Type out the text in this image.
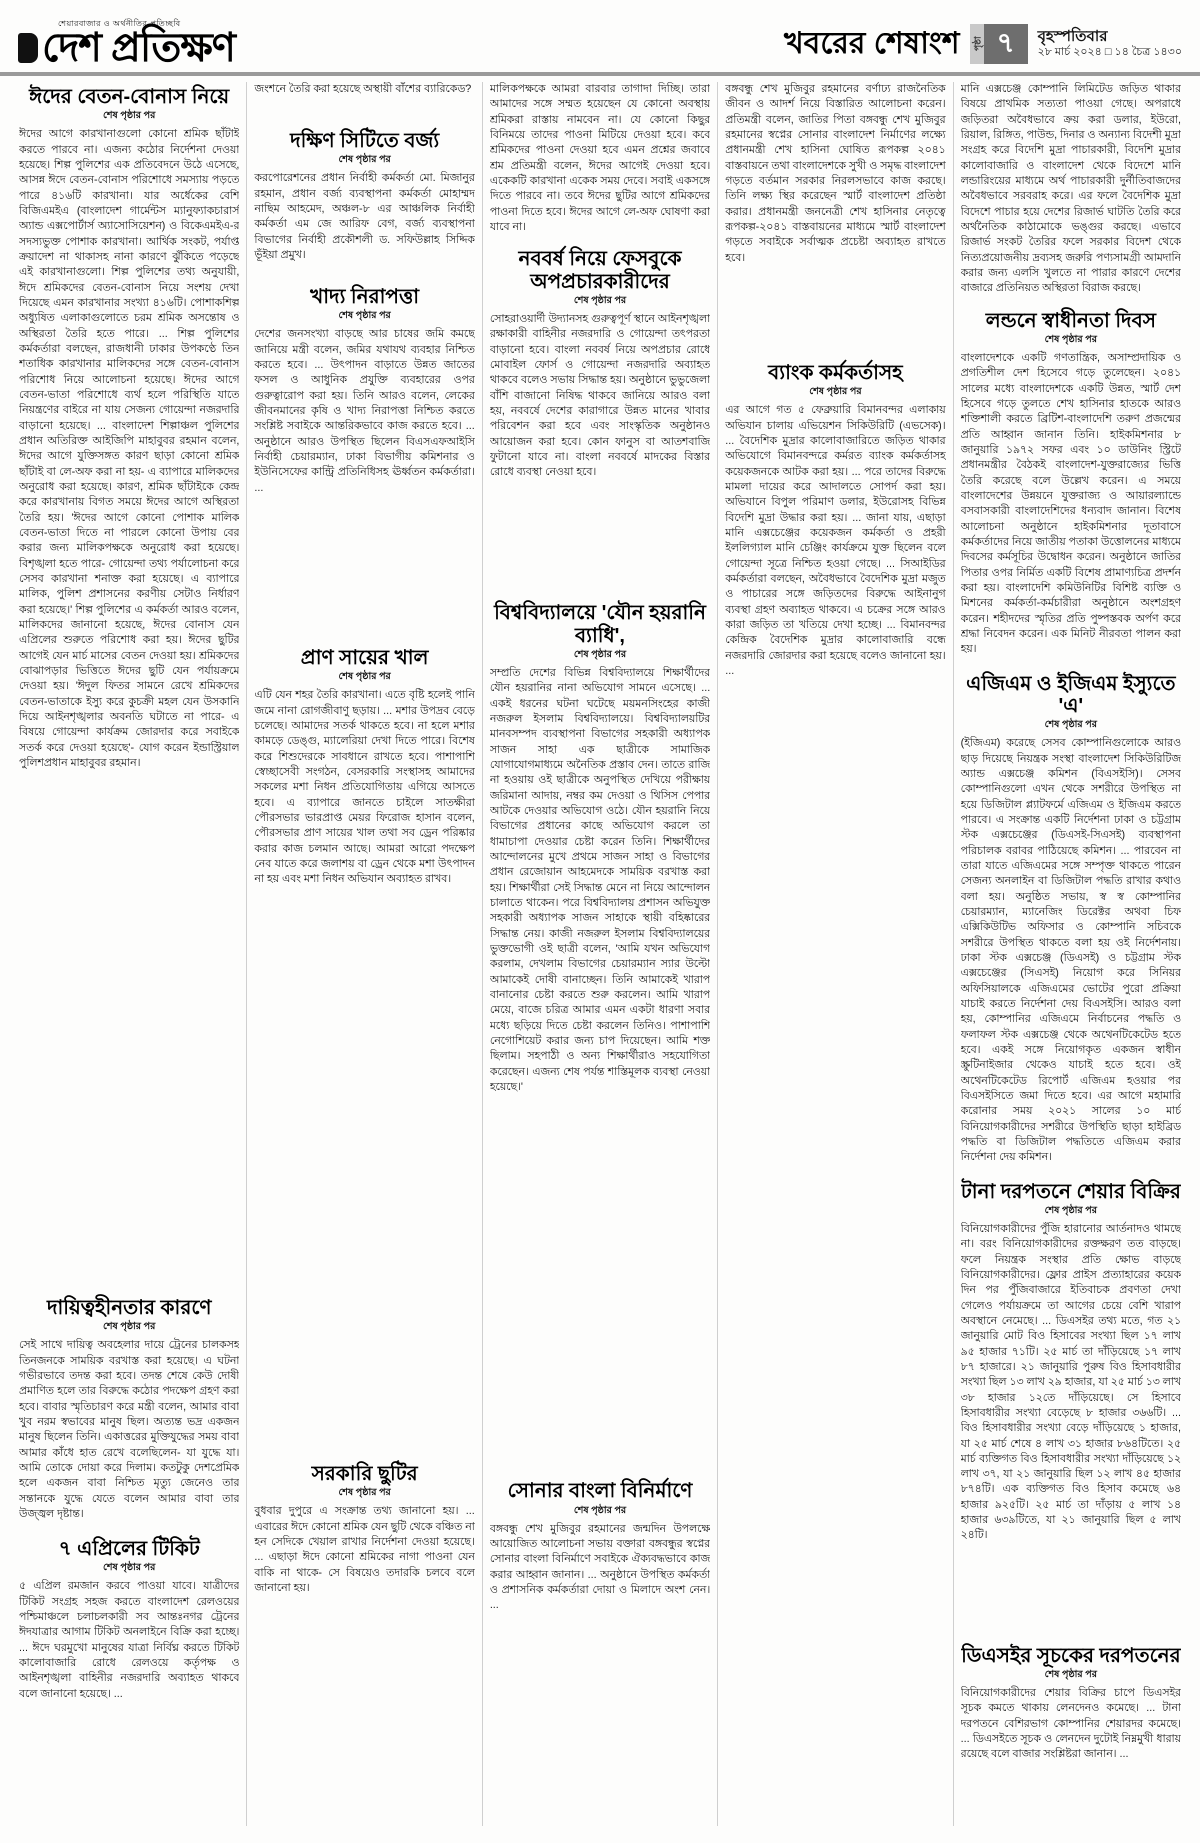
শেয়ারবাজার ও অর্থনীতির প্রতিচ্ছবি
দেশ প্রতিক্ষণ	খবরের শেষাংশ পৃষ্ঠা ৭	বৃহস্পতিবার
২৮ মার্চ ২০২৪ □ ১৪ চৈত্র ১৪৩০
ঈদের বেতন-বোনাস নিয়ে
শেষ পৃষ্ঠার পর

ঈদের আগে কারখানাগুলো কোনো শ্রমিক ছাঁটাই করতে পারবে না। এজন্য কঠোর নির্দেশনা দেওয়া হয়েছে। শিল্প পুলিশের এক প্রতিবেদনে উঠে এসেছে, আসন্ন ঈদে বেতন-বোনাস পরিশোধে সমস্যায় পড়তে পারে ৪১৬টি কারখানা। যার অর্ধেকের বেশি বিজিএমইএ (বাংলাদেশ গার্মেন্টস ম্যানুফ্যাকচারার্স অ্যান্ড এক্সপোর্টার্স অ্যাসোসিয়েশন) ও বিকেএমইএ-র সদস্যভুক্ত পোশাক কারখানা। আর্থিক সংকট, পর্যাপ্ত ক্রয়াদেশ না থাকাসহ নানা কারণে ঝুঁকিতে পড়েছে এই কারখানাগুলো। শিল্প পুলিশের তথ্য অনুযায়ী, ঈদে শ্রমিকদের বেতন-বোনাস নিয়ে সংশয় দেখা দিয়েছে এমন কারখানার সংখ্যা ৪১৬টি। পোশাকশিল্প অধ্যুষিত এলাকাগুলোতে চরম শ্রমিক অসন্তোষ ও অস্থিরতা তৈরি হতে পারে। ... শিল্প পুলিশের কর্মকর্তারা বলছেন, রাজধানী ঢাকার উপকণ্ঠে তিন শতাধিক কারখানার মালিকদের সঙ্গে বেতন-বোনাস পরিশোধ নিয়ে আলোচনা হয়েছে। ঈদের আগে বেতন-ভাতা পরিশোধে ব্যর্থ হলে পরিস্থিতি যাতে নিয়ন্ত্রণের বাইরে না যায় সেজন্য গোয়েন্দা নজরদারি বাড়ানো হয়েছে। ... বাংলাদেশ শিল্পাঞ্চল পুলিশের প্রধান অতিরিক্ত আইজিপি মাহাবুবর রহমান বলেন, ঈদের আগে যুক্তিসঙ্গত কারণ ছাড়া কোনো শ্রমিক ছাঁটাই বা লে-অফ করা না হয়- এ ব্যাপারে মালিকদের অনুরোধ করা হয়েছে। কারণ, শ্রমিক ছাঁটাইকে কেন্দ্র করে কারখানায় বিগত সময়ে ঈদের আগে অস্থিরতা তৈরি হয়। 'ঈদের আগে কোনো পোশাক মালিক বেতন-ভাতা দিতে না পারলে কোনো উপায় বের করার জন্য মালিকপক্ষকে অনুরোধ করা হয়েছে। বিশৃঙ্খলা হতে পারে- গোয়েন্দা তথ্য পর্যালোচনা করে সেসব কারখানা শনাক্ত করা হয়েছে। এ ব্যাপারে মালিক, পুলিশ প্রশাসনের করণীয় সেটাও নির্ধারণ করা হয়েছে।' শিল্প পুলিশের এ কর্মকর্তা আরও বলেন, মালিকদের জানানো হয়েছে, ঈদের বোনাস যেন এপ্রিলের শুরুতে পরিশোধ করা হয়। ঈদের ছুটির আগেই যেন মার্চ মাসের বেতন দেওয়া হয়। শ্রমিকদের বোঝাপড়ার ভিত্তিতে ঈদের ছুটি যেন পর্যায়ক্রমে দেওয়া হয়। 'ঈদুল ফিতর সামনে রেখে শ্রমিকদের বেতন-ভাতাকে ইস্যু করে কুচক্রী মহল যেন উসকানি দিয়ে আইনশৃঙ্খলার অবনতি ঘটাতে না পারে- এ বিষয়ে গোয়েন্দা কার্যক্রম জোরদার করে সবাইকে সতর্ক করে দেওয়া হয়েছে'- যোগ করেন ইন্ডাস্ট্রিয়াল পুলিশপ্রধান মাহাবুবর রহমান।

দায়িত্বহীনতার কারণে
শেষ পৃষ্ঠার পর

সেই সাথে দায়িত্ব অবহেলার দায়ে ট্রেনের চালকসহ তিনজনকে সাময়িক বরখাস্ত করা হয়েছে। এ ঘটনা গভীরভাবে তদন্ত করা হবে। তদন্ত শেষে কেউ দোষী প্রমাণিত হলে তার বিরুদ্ধে কঠোর পদক্ষেপ গ্রহণ করা হবে। বাবার স্মৃতিচারণ করে মন্ত্রী বলেন, আমার বাবা খুব নরম স্বভাবের মানুষ ছিল। অত্যন্ত ভদ্র একজন মানুষ ছিলেন তিনি। একাত্তরের মুক্তিযুদ্ধের সময় বাবা আমার কাঁধে হাত রেখে বলেছিলেন- যা যুদ্ধে যা। আমি তোকে দোয়া করে দিলাম। কতটুকু দেশপ্রেমিক হলে একজন বাবা নিশ্চিত মৃত্যু জেনেও তার সন্তানকে যুদ্ধে যেতে বলেন আমার বাবা তার উজ্জ্বল দৃষ্টান্ত।

৭ এপ্রিলের টিকিট
শেষ পৃষ্ঠার পর

৫ এপ্রিল রমজান করবে পাওয়া যাবে। যাত্রীদের টিকিট সংগ্রহ সহজ করতে বাংলাদেশ রেলওয়ের পশ্চিমাঞ্চলে চলাচলকারী সব আন্তঃনগর ট্রেনের ঈদযাত্রার আগাম টিকিট অনলাইনে বিক্রি করা হচ্ছে। ... ঈদে ঘরমুখো মানুষের যাত্রা নির্বিঘ্ন করতে টিকিট কালোবাজারি রোধে রেলওয়ে কর্তৃপক্ষ ও আইনশৃঙ্খলা বাহিনীর নজরদারি অব্যাহত থাকবে বলে জানানো হয়েছে। ...

জংশনে তৈরি করা হয়েছে অস্থায়ী বাঁশের ব্যারিকেড?

দক্ষিণ সিটিতে বর্জ্য
শেষ পৃষ্ঠার পর

করপোরেশনের প্রধান নির্বাহী কর্মকর্তা মো. মিজানুর রহমান, প্রধান বর্জ্য ব্যবস্থাপনা কর্মকর্তা মোহাম্মদ নাছিম আহমেদ, অঞ্চল-৮ এর আঞ্চলিক নির্বাহী কর্মকর্তা এম জে আরিফ বেগ, বর্জ্য ব্যবস্থাপনা বিভাগের নির্বাহী প্রকৌশলী ড. সফিউল্লাহ সিদ্দিক ভূঁইয়া প্রমুখ।

খাদ্য নিরাপত্তা
শেষ পৃষ্ঠার পর

দেশের জনসংখ্যা বাড়ছে আর চাষের জমি কমছে জানিয়ে মন্ত্রী বলেন, জমির যথাযথ ব্যবহার নিশ্চিত করতে হবে। ... উৎপাদন বাড়াতে উন্নত জাতের ফসল ও আধুনিক প্রযুক্তি ব্যবহারের ওপর গুরুত্বারোপ করা হয়। তিনি আরও বলেন, লেকের জীবনমানের কৃষি ও খাদ্য নিরাপত্তা নিশ্চিত করতে সংশ্লিষ্ট সবাইকে আন্তরিকভাবে কাজ করতে হবে। ... অনুষ্ঠানে আরও উপস্থিত ছিলেন বিএসএফআইসি নির্বাহী চেয়ারম্যান, ঢাকা বিভাগীয় কমিশনার ও ইউনিসেফের কান্ট্রি প্রতিনিধিসহ ঊর্ধ্বতন কর্মকর্তারা। ...

প্রাণ সায়ের খাল
শেষ পৃষ্ঠার পর

এটি যেন শহর তৈরি কারখানা। এতে বৃষ্টি হলেই পানি জমে নানা রোগজীবাণু ছড়ায়। ... মশার উপদ্রব বেড়ে চলেছে। আমাদের সতর্ক থাকতে হবে। না হলে মশার কামড়ে ডেঙ্গু, ম্যালেরিয়া দেখা দিতে পারে। বিশেষ করে শিশুদেরকে সাবধানে রাখতে হবে। পাশাপাশি স্বেচ্ছাসেবী সংগঠন, বেসরকারি সংস্থাসহ আমাদের সকলের মশা নিধন প্রতিযোগিতায় এগিয়ে আসতে হবে। এ ব্যাপারে জানতে চাইলে সাতক্ষীরা পৌরসভার ভারপ্রাপ্ত মেয়র ফিরোজ হাসান বলেন, পৌরসভার প্রাণ সায়ের খাল তথা সব ড্রেন পরিষ্কার করার কাজ চলমান আছে। আমরা আরো পদক্ষেপ নেব যাতে করে জলাশয় বা ড্রেন থেকে মশা উৎপাদন না হয় এবং মশা নিধন অভিযান অব্যাহত রাখব।

সরকারি ছুটির
শেষ পৃষ্ঠার পর

বুধবার দুপুরে এ সংক্রান্ত তথ্য জানানো হয়। ... এবারের ঈদে কোনো শ্রমিক যেন ছুটি থেকে বঞ্চিত না হন সেদিকে খেয়াল রাখার নির্দেশনা দেওয়া হয়েছে। ... এছাড়া ঈদে কোনো শ্রমিকের নাগা পাওনা যেন বাকি না থাকে- সে বিষয়েও তদারকি চলবে বলে জানানো হয়।

মালিকপক্ষকে আমরা বারবার তাগাদা দিচ্ছি। তারা আমাদের সঙ্গে সম্মত হয়েছেন যে কোনো অবস্থায় শ্রমিকরা রাস্তায় নামবেন না। যে কোনো কিছুর বিনিময়ে তাদের পাওনা মিটিয়ে দেওয়া হবে। কবে শ্রমিকদের পাওনা দেওয়া হবে এমন প্রশ্নের জবাবে শ্রম প্রতিমন্ত্রী বলেন, ঈদের আগেই দেওয়া হবে। একেকটি কারখানা একেক সময় দেবে। সবাই একসঙ্গে দিতে পারবে না। তবে ঈদের ছুটির আগে শ্রমিকদের পাওনা দিতে হবে। ঈদের আগে লে-অফ ঘোষণা করা যাবে না।

নববর্ষ নিয়ে ফেসবুকে অপপ্রচারকারীদের
শেষ পৃষ্ঠার পর

সোহরাওয়ার্দী উদ্যানসহ গুরুত্বপূর্ণ স্থানে আইনশৃঙ্খলা রক্ষাকারী বাহিনীর নজরদারি ও গোয়েন্দা তৎপরতা বাড়ানো হবে। বাংলা নববর্ষ নিয়ে অপপ্রচার রোধে মোবাইল ফোর্স ও গোয়েন্দা নজরদারি অব্যাহত থাকবে বলেও সভায় সিদ্ধান্ত হয়। অনুষ্ঠানে ভুভুজেলা বাঁশি বাজানো নিষিদ্ধ থাকবে জানিয়ে আরও বলা হয়, নববর্ষে দেশের কারাগারে উন্নত মানের খাবার পরিবেশন করা হবে এবং সাংস্কৃতিক অনুষ্ঠানও আয়োজন করা হবে। কোন ফানুস বা আতশবাজি ফুটানো যাবে না। বাংলা নববর্ষে মাদকের বিস্তার রোধে ব্যবস্থা নেওয়া হবে।

বিশ্ববিদ্যালয়ে 'যৌন হয়রানি ব্যাধি',
শেষ পৃষ্ঠার পর

সম্প্রতি দেশের বিভিন্ন বিশ্ববিদ্যালয়ে শিক্ষার্থীদের যৌন হয়রানির নানা অভিযোগ সামনে এসেছে। ... একই ধরনের ঘটনা ঘটেছে ময়মনসিংহের কাজী নজরুল ইসলাম বিশ্ববিদ্যালয়ে। বিশ্ববিদ্যালয়টির মানবসম্পদ ব্যবস্থাপনা বিভাগের সহকারী অধ্যাপক সাজন সাহা এক ছাত্রীকে সামাজিক যোগাযোগমাধ্যমে অনৈতিক প্রস্তাব দেন। তাতে রাজি না হওয়ায় ওই ছাত্রীকে অনুপস্থিত দেখিয়ে পরীক্ষায় জরিমানা আদায়, নম্বর কম দেওয়া ও থিসিস পেপার আটকে দেওয়ার অভিযোগ ওঠে। যৌন হয়রানি নিয়ে বিভাগের প্রধানের কাছে অভিযোগ করলে তা ধামাচাপা দেওয়ার চেষ্টা করেন তিনি। শিক্ষার্থীদের আন্দোলনের মুখে প্রথমে সাজন সাহা ও বিভাগের প্রধান রেজোয়ান আহমেদকে সাময়িক বরখাস্ত করা হয়। শিক্ষার্থীরা সেই সিদ্ধান্ত মেনে না নিয়ে আন্দোলন চালাতে থাকেন। পরে বিশ্ববিদ্যালয় প্রশাসন অভিযুক্ত সহকারী অধ্যাপক সাজন সাহাকে স্থায়ী বহিষ্কারের সিদ্ধান্ত নেয়। কাজী নজরুল ইসলাম বিশ্ববিদ্যালয়ের ভুক্তভোগী ওই ছাত্রী বলেন, 'আমি যখন অভিযোগ করলাম, দেখলাম বিভাগের চেয়ারম্যান স্যার উল্টো আমাকেই দোষী বানাচ্ছেন। তিনি আমাকেই খারাপ বানানোর চেষ্টা করতে শুরু করলেন। আমি খারাপ মেয়ে, বাজে চরিত্র আমার এমন একটা ধারণা সবার মধ্যে ছড়িয়ে দিতে চেষ্টা করলেন তিনিও। পাশাপাশি নেগোশিয়েট করার জন্য চাপ দিয়েছেন। আমি শক্ত ছিলাম। সহপাঠী ও অন্য শিক্ষার্থীরাও সহযোগিতা করেছেন। এজন্য শেষ পর্যন্ত শাস্তিমূলক ব্যবস্থা নেওয়া হয়েছে।'

সোনার বাংলা বিনির্মাণে
শেষ পৃষ্ঠার পর

বঙ্গবন্ধু শেখ মুজিবুর রহমানের জন্মদিন উপলক্ষে আয়োজিত আলোচনা সভায় বক্তারা বঙ্গবন্ধুর স্বপ্নের সোনার বাংলা বিনির্মাণে সবাইকে ঐক্যবদ্ধভাবে কাজ করার আহ্বান জানান। ... অনুষ্ঠানে উপস্থিত কর্মকর্তা ও প্রশাসনিক কর্মকর্তারা দোয়া ও মিলাদে অংশ নেন। ...

বঙ্গবন্ধু শেখ মুজিবুর রহমানের বর্ণাঢ্য রাজনৈতিক জীবন ও আদর্শ নিয়ে বিস্তারিত আলোচনা করেন। প্রতিমন্ত্রী বলেন, জাতির পিতা বঙ্গবন্ধু শেখ মুজিবুর রহমানের স্বপ্নের সোনার বাংলাদেশ নির্মাণের লক্ষ্যে প্রধানমন্ত্রী শেখ হাসিনা ঘোষিত রূপকল্প ২০৪১ বাস্তবায়নে তথা বাংলাদেশকে সুখী ও সমৃদ্ধ বাংলাদেশ গড়তে বর্তমান সরকার নিরলসভাবে কাজ করছে। তিনি লক্ষ্য স্থির করেছেন স্মার্ট বাংলাদেশ প্রতিষ্ঠা করার। প্রধানমন্ত্রী জননেত্রী শেখ হাসিনার নেতৃত্বে রূপকল্প-২০৪১ বাস্তবায়নের মাধ্যমে স্মার্ট বাংলাদেশ গড়তে সবাইকে সর্বাত্মক প্রচেষ্টা অব্যাহত রাখতে হবে।

ব্যাংক কর্মকর্তাসহ
শেষ পৃষ্ঠার পর

এর আগে গত ৫ ফেব্রুয়ারি বিমানবন্দর এলাকায় অভিযান চালায় এভিয়েশন সিকিউরিটি (এভসেক)। ... বৈদেশিক মুদ্রার কালোবাজারিতে জড়িত থাকার অভিযোগে বিমানবন্দরে কর্মরত ব্যাংক কর্মকর্তাসহ কয়েকজনকে আটক করা হয়। ... পরে তাদের বিরুদ্ধে মামলা দায়ের করে আদালতে সোপর্দ করা হয়। অভিযানে বিপুল পরিমাণ ডলার, ইউরোসহ বিভিন্ন বিদেশি মুদ্রা উদ্ধার করা হয়। ... জানা যায়, এছাড়া মানি এক্সচেঞ্জের কয়েকজন কর্মকর্তা ও প্রহরী ইললিগ্যাল মানি চেঞ্জিং কার্যক্রমে যুক্ত ছিলেন বলে গোয়েন্দা সূত্রে নিশ্চিত হওয়া গেছে। ... সিআইডির কর্মকর্তারা বলছেন, অবৈধভাবে বৈদেশিক মুদ্রা মজুত ও পাচারের সঙ্গে জড়িতদের বিরুদ্ধে আইনানুগ ব্যবস্থা গ্রহণ অব্যাহত থাকবে। এ চক্রের সঙ্গে আরও কারা জড়িত তা খতিয়ে দেখা হচ্ছে। ... বিমানবন্দর কেন্দ্রিক বৈদেশিক মুদ্রার কালোবাজারি বন্ধে নজরদারি জোরদার করা হয়েছে বলেও জানানো হয়। ...

মানি এক্সচেঞ্জ কোম্পানি লিমিটেড জড়িত থাকার বিষয়ে প্রাথমিক সত্যতা পাওয়া গেছে। অপরাধে জড়িতরা অবৈধভাবে ক্রয় করা ডলার, ইউরো, রিয়াল, রিঙ্গিত, পাউন্ড, দিনার ও অন্যান্য বিদেশী মুদ্রা সংগ্রহ করে বিদেশি মুদ্রা পাচারকারী, বিদেশি মুদ্রার কালোবাজারি ও বাংলাদেশ থেকে বিদেশে মানি লন্ডারিংয়ের মাধ্যমে অর্থ পাচারকারী দুর্নীতিবাজদের অবৈধভাবে সরবরাহ করে। এর ফলে বৈদেশিক মুদ্রা বিদেশে পাচার হয়ে দেশের রিজার্ভ ঘাটতি তৈরি করে অর্থনৈতিক কাঠামোকে ভঙ্গুর করছে। এভাবে রিজার্ভ সংকট তৈরির ফলে সরকার বিদেশ থেকে নিত্যপ্রয়োজনীয় দ্রব্যসহ জরুরি পণ্যসামগ্রী আমদানি করার জন্য এলসি খুলতে না পারার কারণে দেশের বাজারে প্রতিনিয়ত অস্থিরতা বিরাজ করছে।

লন্ডনে স্বাধীনতা দিবস
শেষ পৃষ্ঠার পর

বাংলাদেশকে একটি গণতান্ত্রিক, অসাম্প্রদায়িক ও প্রগতিশীল দেশ হিসেবে গড়ে তুলেছেন। ২০৪১ সালের মধ্যে বাংলাদেশকে একটি উন্নত, স্মার্ট দেশ হিসেবে গড়ে তুলতে শেখ হাসিনার হাতকে আরও শক্তিশালী করতে ব্রিটিশ-বাংলাদেশি তরুণ প্রজন্মের প্রতি আহ্বান জানান তিনি। হাইকমিশনার ৮ জানুয়ারি ১৯৭২ সফর এবং ১০ ডাউনিং স্ট্রিটে প্রধানমন্ত্রীর বৈঠকই বাংলাদেশ-যুক্তরাজ্যের ভিত্তি তৈরি করেছে বলে উল্লেখ করেন। এ সময়ে বাংলাদেশের উন্নয়নে যুক্তরাজ্য ও আয়ারল্যান্ডে বসবাসকারী বাংলাদেশিদের ধন্যবাদ জানান। বিশেষ আলোচনা অনুষ্ঠানে হাইকমিশনার দূতাবাসে কর্মকর্তাদের নিয়ে জাতীয় পতাকা উত্তোলনের মাধ্যমে দিবসের কর্মসূচির উদ্বোধন করেন। অনুষ্ঠানে জাতির পিতার ওপর নির্মিত একটি বিশেষ প্রামাণ্যচিত্র প্রদর্শন করা হয়। বাংলাদেশি কমিউনিটির বিশিষ্ট ব্যক্তি ও মিশনের কর্মকর্তা-কর্মচারীরা অনুষ্ঠানে অংশগ্রহণ করেন। শহীদদের স্মৃতির প্রতি পুষ্পস্তবক অর্পণ করে শ্রদ্ধা নিবেদন করেন। এক মিনিট নীরবতা পালন করা হয়।

এজিএম ও ইজিএম ইস্যুতে 'এ'
শেষ পৃষ্ঠার পর

(ইজিএম) করেছে সেসব কোম্পানিগুলোকে আরও ছাড় দিয়েছে নিয়ন্ত্রক সংস্থা বাংলাদেশ সিকিউরিটিজ অ্যান্ড এক্সচেঞ্জ কমিশন (বিএসইসি)। সেসব কোম্পানিগুলো এখন থেকে সশরীরে উপস্থিত না হয়ে ডিজিটাল প্ল্যাটফর্মে এজিএম ও ইজিএম করতে পারবে। এ সংক্রান্ত একটি নির্দেশনা ঢাকা ও চট্টগ্রাম স্টক এক্সচেঞ্জের (ডিএসই-সিএসই) ব্যবস্থাপনা পরিচালক বরাবর পাঠিয়েছে কমিশন। ... পারবেন না তারা যাতে এজিএমের সঙ্গে সম্পৃক্ত থাকতে পারেন সেজন্য অনলাইন বা ডিজিটাল পদ্ধতি রাখার কথাও বলা হয়। অনুষ্ঠিত সভায়, স্ব স্ব কোম্পানির চেয়ারম্যান, ম্যানেজিং ডিরেক্টর অথবা চিফ এক্সিকিউটিভ অফিসার ও কোম্পানি সচিবকে সশরীরে উপস্থিত থাকতে বলা হয় ওই নির্দেশনায়। ঢাকা স্টক এক্সচেঞ্জ (ডিএসই) ও চট্টগ্রাম স্টক এক্সচেঞ্জের (সিএসই) নিয়োগ করে সিনিয়র অফিসিয়ালকে এজিএমের ভোটের পুরো প্রক্রিয়া যাচাই করতে নির্দেশনা দেয় বিএসইসি। আরও বলা হয়, কোম্পানির এজিএমে নির্বাচনের পদ্ধতি ও ফলাফল স্টক এক্সচেঞ্জ থেকে অথেনটিকেটেড হতে হবে। একই সঙ্গে নিয়োগকৃত একজন স্বাধীন স্ক্রুটিনাইজার থেকেও যাচাই হতে হবে। ওই অথেনটিকেটেড রিপোর্ট এজিএম হওয়ার পর বিএসইসিতে জমা দিতে হবে। এর আগে মহামারি করোনার সময় ২০২১ সালের ১০ মার্চ বিনিয়োগকারীদের সশরীরে উপস্থিতি ছাড়া হাইব্রিড পদ্ধতি বা ডিজিটাল পদ্ধতিতে এজিএম করার নির্দেশনা দেয় কমিশন।

টানা দরপতনে শেয়ার বিক্রির
শেষ পৃষ্ঠার পর

বিনিয়োগকারীদের পুঁজি হারানোর আর্তনাদও থামছে না। বরং বিনিয়োগকারীদের রক্তক্ষরণ তত বাড়ছে। ফলে নিয়ন্ত্রক সংস্থার প্রতি ক্ষোভ বাড়ছে বিনিয়োগকারীদের। ফ্লোর প্রাইস প্রত্যাহারের কয়েক দিন পর পুঁজিবাজারে ইতিবাচক প্রবণতা দেখা গেলেও পর্যায়ক্রমে তা আগের চেয়ে বেশি খারাপ অবস্থানে নেমেছে। ... ডিএসইর তথ্য মতে, গত ২১ জানুয়ারি মোট বিও হিসাবের সংখ্যা ছিল ১৭ লাখ ৯৫ হাজার ৭১টি। ২৫ মার্চ তা দাঁড়িয়েছে ১৭ লাখ ৮৭ হাজারে। ২১ জানুয়ারি পুরুষ বিও হিসাবধারীর সংখ্যা ছিল ১৩ লাখ ২৯ হাজার, যা ২৫ মার্চ ১৩ লাখ ৩৮ হাজার ১২তে দাঁড়িয়েছে। সে হিসাবে হিসাবধারীর সংখ্যা বেড়েছে ৮ হাজার ৩৬৬টি। ... বিও হিসাবধারীর সংখ্যা বেড়ে দাঁড়িয়েছে ১ হাজার, যা ২৫ মার্চ শেষে ৪ লাখ ৩১ হাজার ৮৬৪টিতে। ২৫ মার্চ ব্যক্তিগত বিও হিসাবধারীর সংখ্যা দাঁড়িয়েছে ১২ লাখ ৩৭, যা ২১ জানুয়ারি ছিল ১২ লাখ ৪৫ হাজার ৮৭৪টি। এক ব্যক্তিগত বিও হিসাব কমেছে ৬৪ হাজার ৯২৫টি। ২৫ মার্চ তা দাঁড়ায় ৫ লাখ ১৪ হাজার ৬৩৯টিতে, যা ২১ জানুয়ারি ছিল ৫ লাখ ২৪টি।

ডিএসইর সূচকের দরপতনের
শেষ পৃষ্ঠার পর

বিনিয়োগকারীদের শেয়ার বিক্রির চাপে ডিএসইর সূচক কমতে থাকায় লেনদেনও কমেছে। ... টানা দরপতনে বেশিরভাগ কোম্পানির শেয়ারদর কমেছে। ... ডিএসইতে সূচক ও লেনদেন দুটোই নিম্নমুখী ধারায় রয়েছে বলে বাজার সংশ্লিষ্টরা জানান। ...
